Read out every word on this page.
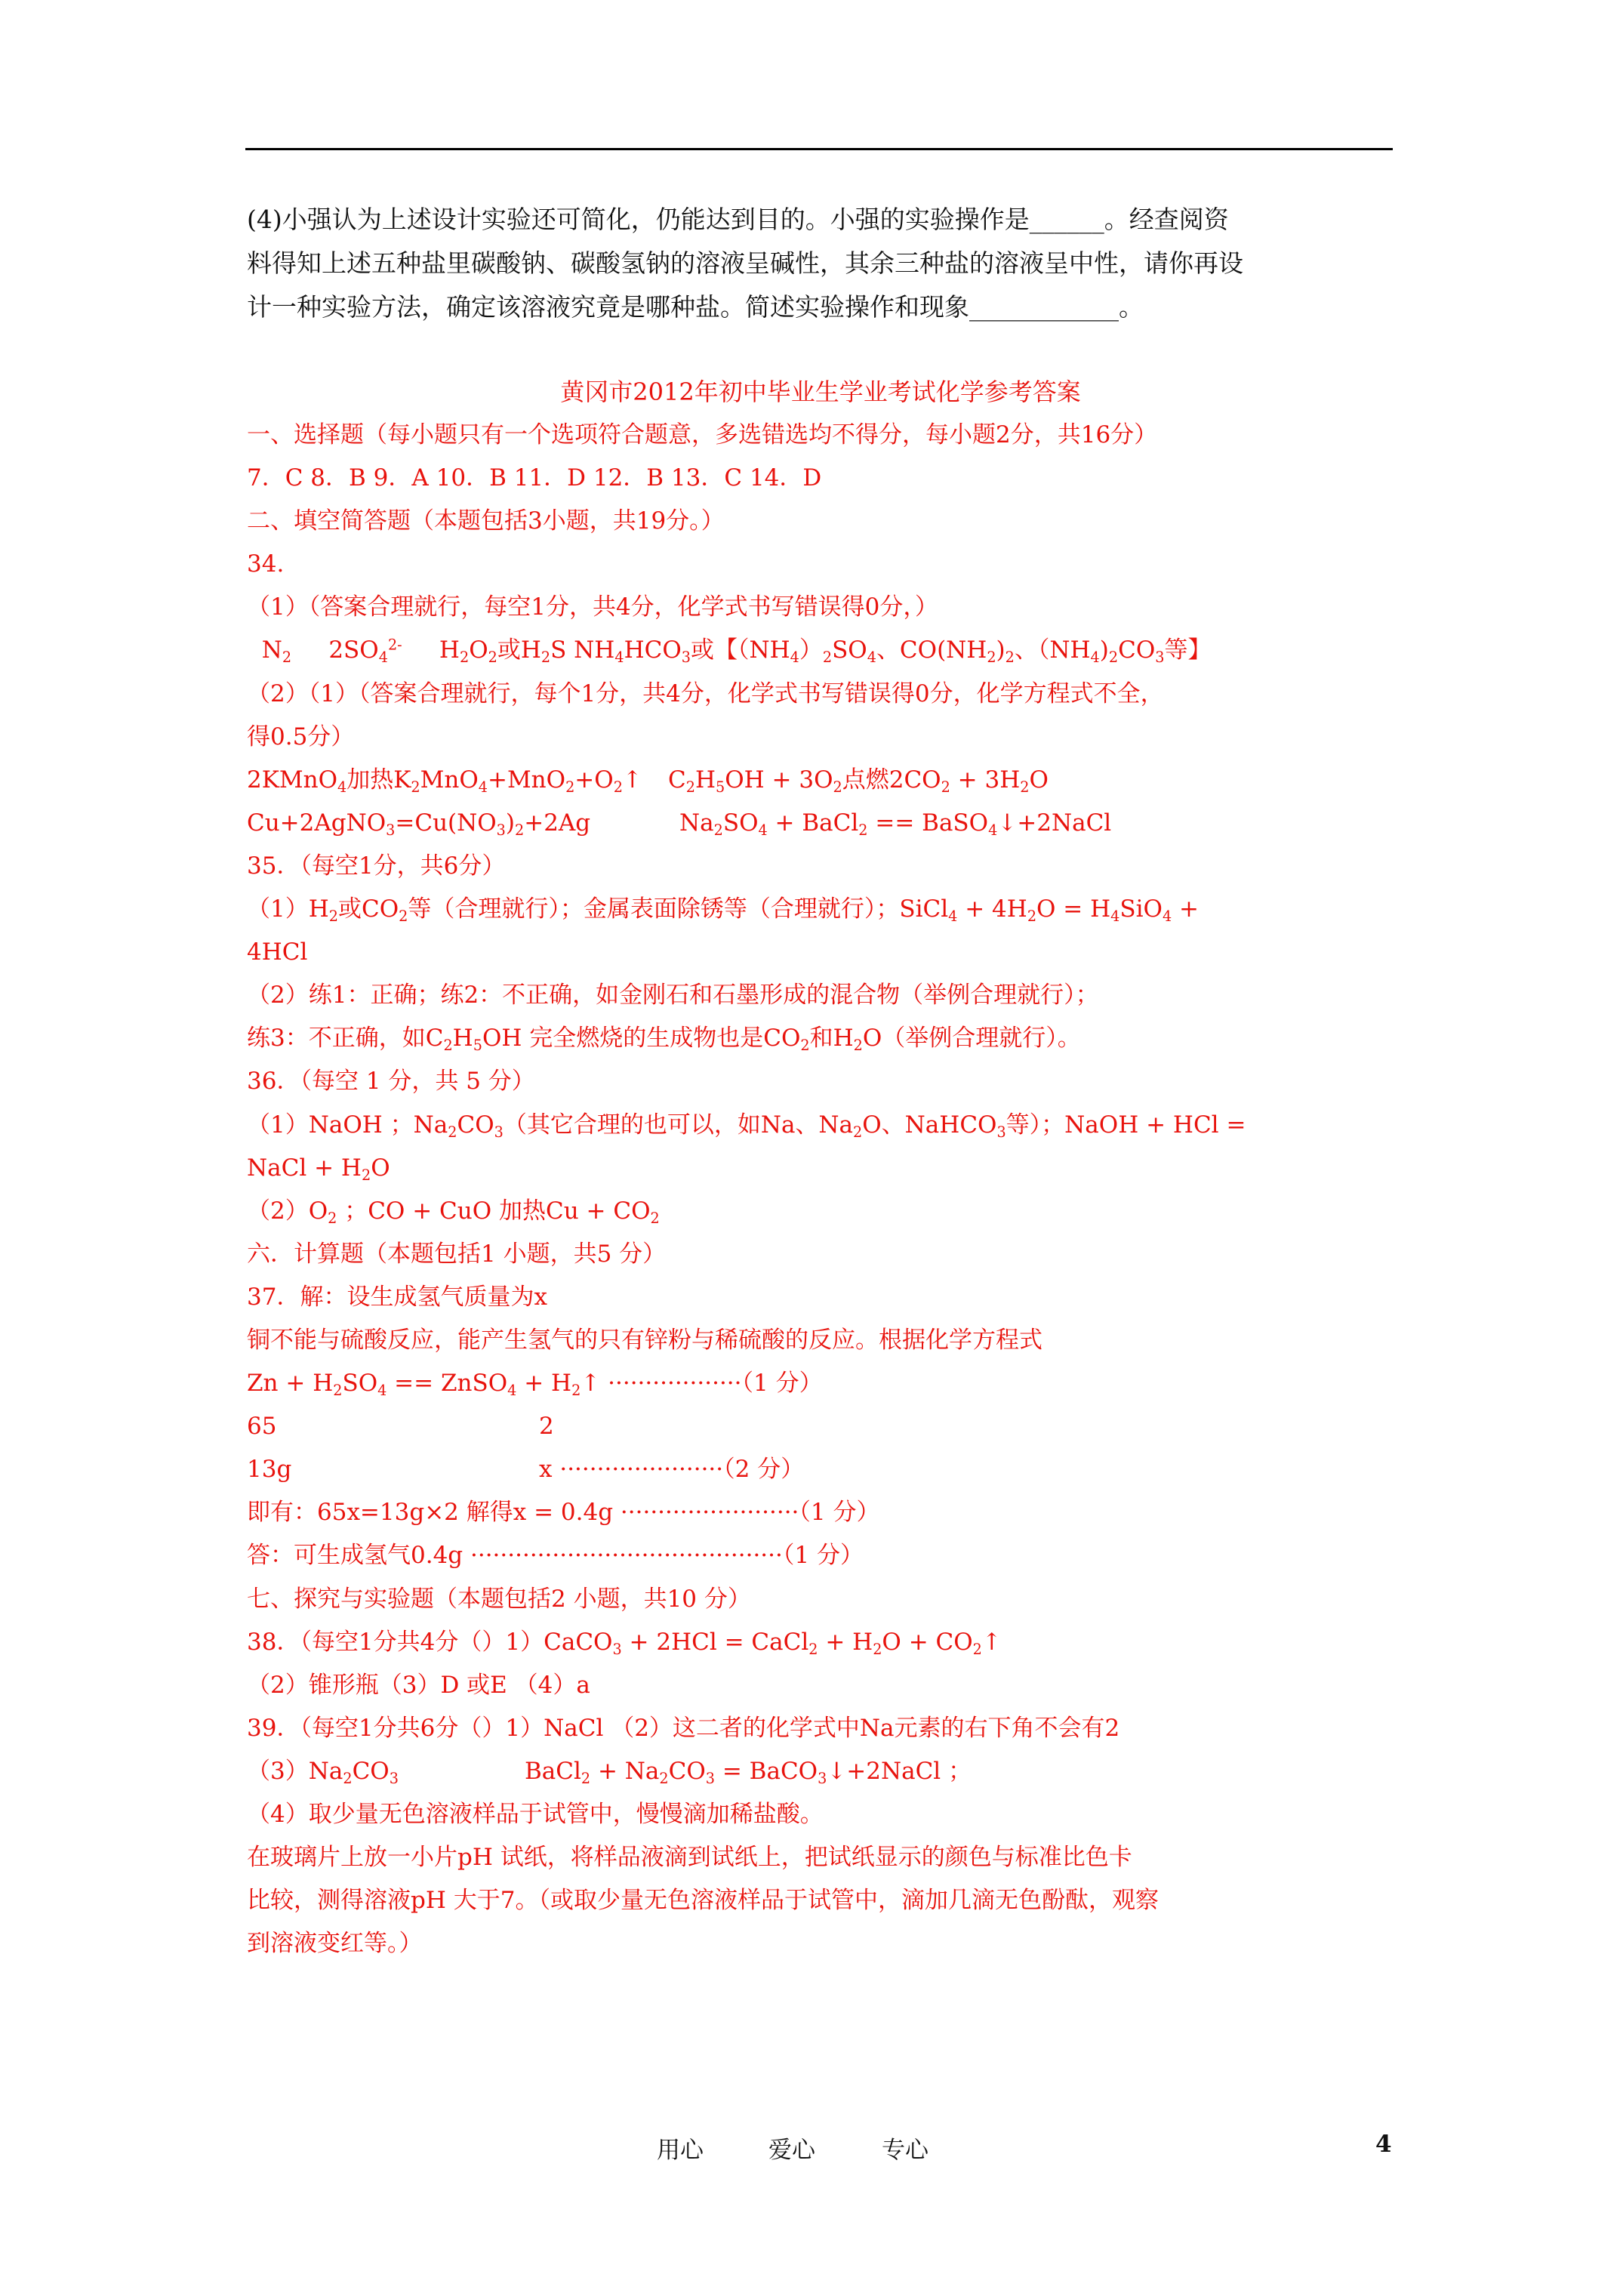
(4)小强认为上述设计实验还可简化，仍能达到目的。小强的实验操作是______。经查阅资
料得知上述五种盐里碳酸钠、碳酸氢钠的溶液呈碱性，其余三种盐的溶液呈中性，请你再设
计一种实验方法，确定该溶液究竟是哪种盐。简述实验操作和现象____________。
黄冈市2012年初中毕业生学业考试化学参考答案
一、选择题（每小题只有一个选项符合题意，多选错选均不得分，每小题2分，共16分）
7．C 8．B 9．A 10．B 11．D 12．B 13．C 14．D
二、填空简答题（本题包括3小题，共19分。）
34.
（1）（答案合理就行，每空1分，共4分，化学式书写错误得0分，）
$N_2$     $2SO_4^{2-}$     $H_2O_2$或$H_2S$ $NH_4HCO_3$或【$(NH_4)_2SO_4$、$CO(NH_2)_2$、$(NH_4)_2CO_3$等】
（2）（1）（答案合理就行，每个1分，共4分，化学式书写错误得0分，化学方程式不全，
得0.5分）
2KMnO$_4$加热$K_2MnO_4+MnO_2+O_2↑$ $C_2H_5OH + 3O_2$点燃$2CO_2 + 3H_2O$
$Cu+2AgNO_3=Cu(NO_3)_2+2Ag$	$Na_2SO_4$ + BaCl$_2$ == BaSO$_4$↓+2NaCl
35．（每空1分，共6分）
$(1)H_2$或$CO_2$等（合理就行）；金属表面除锈等（合理就行）；SiCl$_4$ + $4H_2O = H_4SiO_4$ +
4HCl
（2）练1：正确；练2：不正确，如金刚石和石墨形成的混合物（举例合理就行）；
练3：不正确，如$C_2H_5OH$ 完全燃烧的生成物也是$CO_2$和$H_2O$（举例合理就行）。
36．（每空 1 分，共 5 分）
（1）NaOH ；$Na_2CO_3$（其它合理的也可以，如Na、$Na_2O$、NaHCO$_3$等）；NaOH + HCl =
NaCl + $H_2O$
$(2)O_2$ ；CO + CuO 加热$Cu + CO_2$
六．计算题（本题包括1 小题，共5 分）
37．解：设生成氢气质量为x
铜不能与硫酸反应，能产生氢气的只有锌粉与稀硫酸的反应。根据化学方程式
$Zn + H_2SO_4$ == ZnSO$_4$ + $H_2↑ \cdot\cdot\cdot\cdot\cdot\cdot\cdot\cdot\cdot\cdot\cdot\cdot\cdot\cdot\cdot\cdot\cdot\cdot(1$ 分）
65	2
13g	x ······················（2 分）
即有：65x=13g×2 解得x = 0.4g ························（1 分）
答：可生成氢气0.4g ··········································（1 分）
七、探究与实验题（本题包括2 小题，共10 分）
38．（每空1分共4分（）1）CaCO$_3$ + 2HCl = CaCl$_2$ + $H_2O$ + $CO_2↑$
（2）锥形瓶（3）D 或E （4）a
39．（每空1分共6分（）1）NaCl （2）这二者的化学式中Na元素的右下角不会有2
$(3)Na_2CO_3$	BaCl$_2$ + $Na_2CO_3$ = BaCO$_3$↓+2NaCl ；
（4）取少量无色溶液样品于试管中，慢慢滴加稀盐酸。
在玻璃片上放一小片pH 试纸，将样品液滴到试纸上，把试纸显示的颜色与标准比色卡
比较，测得溶液pH 大于7。（或取少量无色溶液样品于试管中，滴加几滴无色酚酞，观察
到溶液变红等。）
用心	爱心	专心	4
